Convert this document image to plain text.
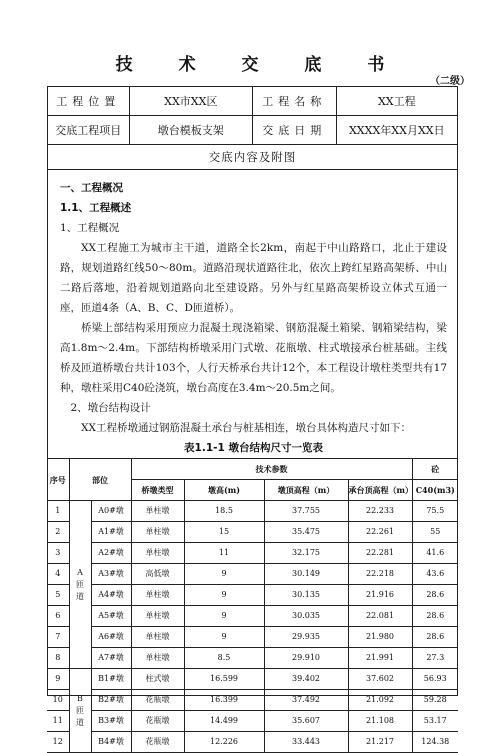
技 术 交 底 书
（二级）
工程位置	XX市XX区	工程名称	XX工程
交底工程项目	墩台模板支架	交底日期	XXXX年XX月XX日
交底内容及附图
一、工程概况
1.1、工程概述
1、工程概况
XX工程施工为城市主干道，道路全长2km，南起于中山路路口，北止于建设路，规划道路红线50～80m。道路沿现状道路往北，依次上跨红星路高架桥、中山二路后落地，沿着规划道路向北至建设路。另外与红星路高架桥设立体式互通一座，匝道4条（A、B、C、D匝道桥）。
桥梁上部结构采用预应力混凝土现浇箱梁、钢筋混凝土箱梁、钢箱梁结构，梁高1.8m～2.4m。下部结构桥墩采用门式墩、花瓶墩、柱式墩接承台桩基础。主线桥及匝道桥墩台共计103个，人行天桥承台共计12个，本工程设计墩柱类型共有17种，墩柱采用C40砼浇筑，墩台高度在3.4m～20.5m之间。
2、墩台结构设计
XX工程桥墩通过钢筋混凝土承台与桩基相连，墩台具体构造尺寸如下：
表1.1-1 墩台结构尺寸一览表
序号	部位		技术参数				砼
			桥墩类型	墩高(m)	墩顶高程（m）	承台顶高程（m）	C40(m3)
1	A匝道	A0#墩	单柱墩	18.5	37.755	22.233	75.5
2		A1#墩	单柱墩	15	35.475	22.261	55
3		A2#墩	单柱墩	11	32.175	22.281	41.6
4		A3#墩	高低墩	9	30.149	22.218	43.6
5		A4#墩	单柱墩	9	30.135	21.916	28.6
6		A5#墩	单柱墩	9	30.035	22.081	28.6
7		A6#墩	单柱墩	9	29.935	21.980	28.6
8		A7#墩	单柱墩	8.5	29.910	21.991	27.3
9	B匝道	B1#墩	柱式墩	16.599	39.402	37.602	56.93
10		B2#墩	花瓶墩	16.399	37.492	21.092	59.28
11		B3#墩	花瓶墩	14.499	35.607	21.108	53.17
12		B4#墩	花瓶墩	12.226	33.443	21.217	124.38
